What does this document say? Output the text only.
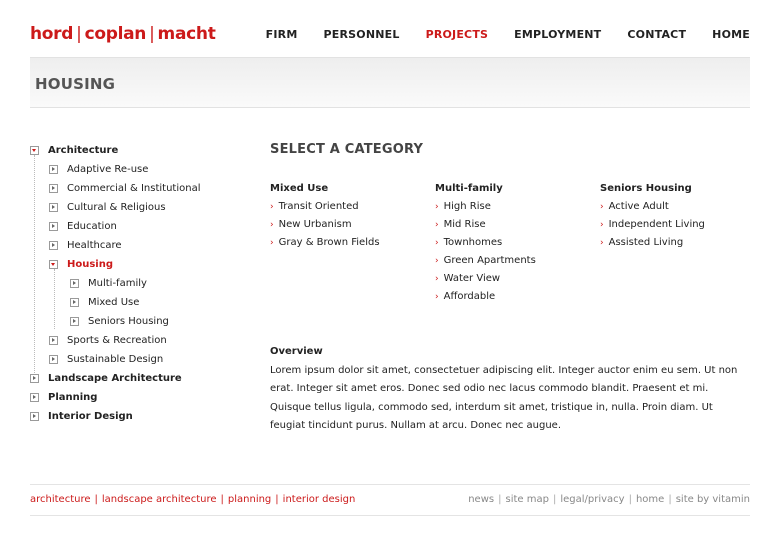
hord | coplan | macht	FIRM PERSONNEL PROJECTS EMPLOYMENT CONTACT HOME
HOUSING
Architecture
Adaptive Re-use
Commercial & Institutional
Cultural & Religious
Education
Healthcare
Housing
Multi-family
Mixed Use
Seniors Housing
Sports & Recreation
Sustainable Design
Landscape Architecture
Planning
Interior Design
SELECT A CATEGORY
Mixed Use
› Transit Oriented
› New Urbanism
› Gray & Brown Fields
Multi-family
› High Rise
› Mid Rise
› Townhomes
› Green Apartments
› Water View
› Affordable
Seniors Housing
› Active Adult
› Independent Living
› Assisted Living
Overview

Lorem ipsum dolor sit amet, consectetuer adipiscing elit. Integer auctor enim eu sem. Ut non erat. Integer sit amet eros. Donec sed odio nec lacus commodo blandit. Praesent et mi. Quisque tellus ligula, commodo sed, interdum sit amet, tristique in, nulla. Proin diam. Ut feugiat tincidunt purus. Nullam at arcu. Donec nec augue.

architecture | landscape architecture | planning | interior design	news | site map | legal/privacy | home | site by vitamin
